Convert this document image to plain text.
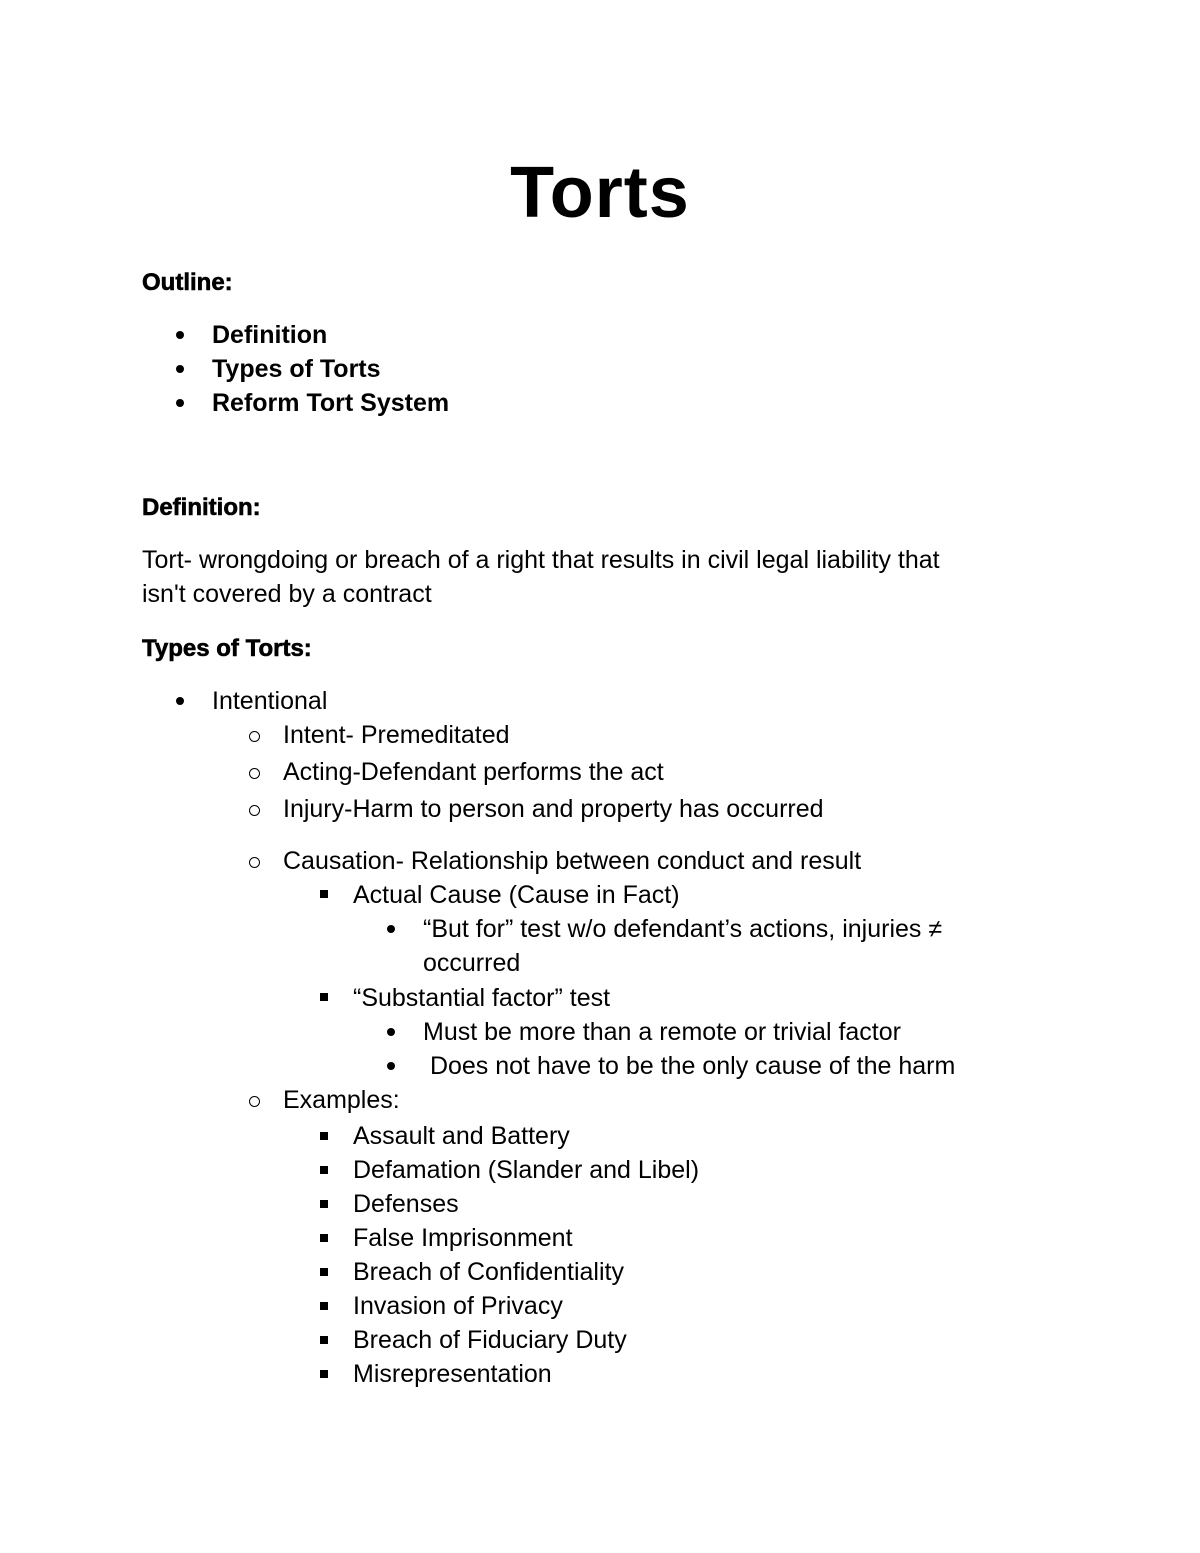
Torts
Outline:
Definition
Types of Torts
Reform Tort System
Definition:
Tort- wrongdoing or breach of a right that results in civil legal liability that
isn't covered by a contract
Types of Torts:
Intentional
Intent- Premeditated
Acting-Defendant performs the act
Injury-Harm to person and property has occurred
Causation- Relationship between conduct and result
Actual Cause (Cause in Fact)
“But for” test w/o defendant’s actions, injuries ≠
occurred
“Substantial factor” test
Must be more than a remote or trivial factor
Does not have to be the only cause of the harm
Examples:
Assault and Battery
Defamation (Slander and Libel)
Defenses
False Imprisonment
Breach of Confidentiality
Invasion of Privacy
Breach of Fiduciary Duty
Misrepresentation
